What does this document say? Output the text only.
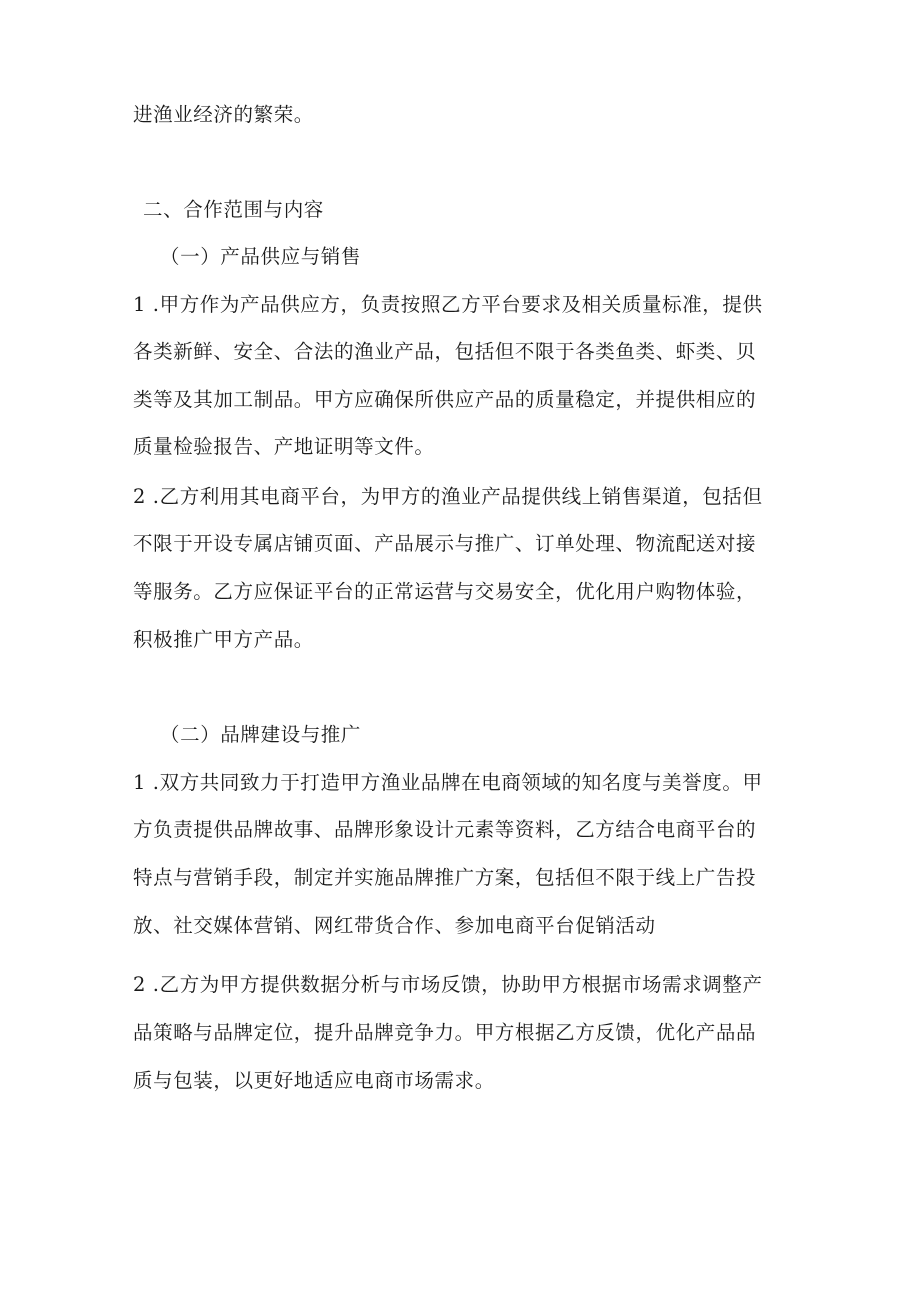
进渔业经济的繁荣。
二、合作范围与内容
（一）产品供应与销售
1 .甲方作为产品供应方，负责按照乙方平台要求及相关质量标准，提供
各类新鲜、安全、合法的渔业产品，包括但不限于各类鱼类、虾类、贝
类等及其加工制品。甲方应确保所供应产品的质量稳定，并提供相应的
质量检验报告、产地证明等文件。
2 .乙方利用其电商平台，为甲方的渔业产品提供线上销售渠道，包括但
不限于开设专属店铺页面、产品展示与推广、订单处理、物流配送对接
等服务。乙方应保证平台的正常运营与交易安全，优化用户购物体验，
积极推广甲方产品。
（二）品牌建设与推广
1 .双方共同致力于打造甲方渔业品牌在电商领域的知名度与美誉度。甲
方负责提供品牌故事、品牌形象设计元素等资料，乙方结合电商平台的
特点与营销手段，制定并实施品牌推广方案，包括但不限于线上广告投
放、社交媒体营销、网红带货合作、参加电商平台促销活动
2 .乙方为甲方提供数据分析与市场反馈，协助甲方根据市场需求调整产
品策略与品牌定位，提升品牌竞争力。甲方根据乙方反馈，优化产品品
质与包装，以更好地适应电商市场需求。
